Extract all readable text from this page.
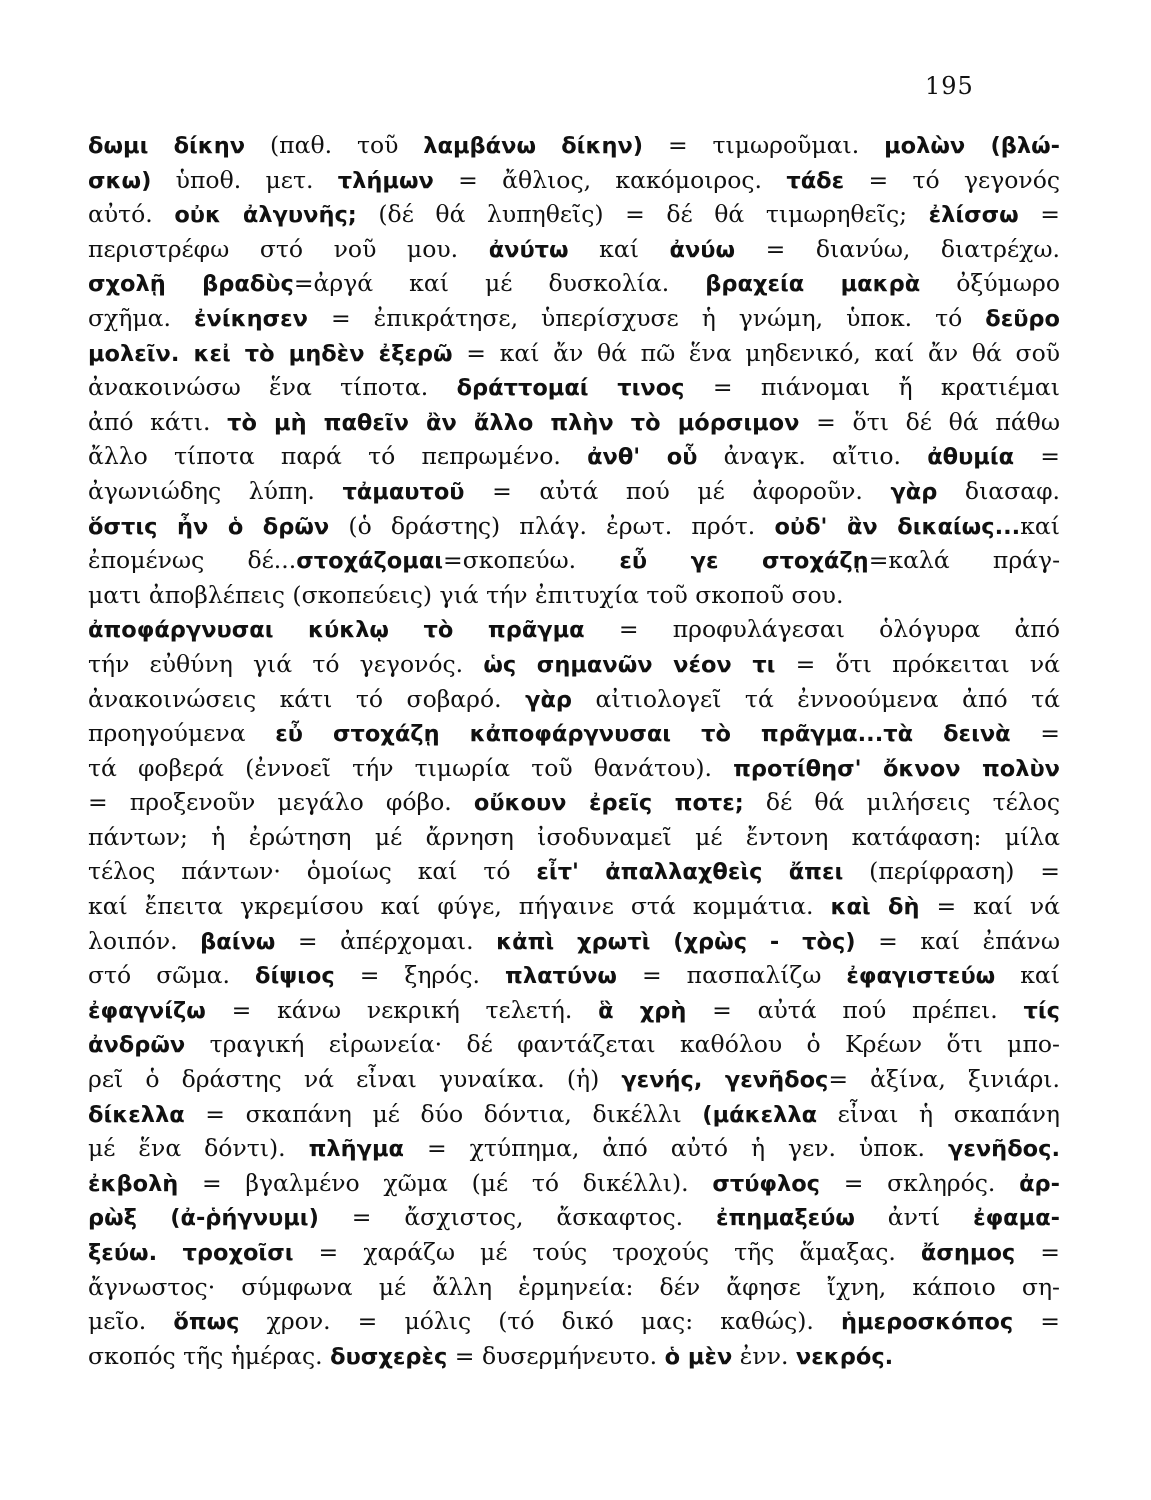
195
δωμι δίκην (παθ. τοῦ λαμβάνω δίκην) = τιμωροῦμαι. μολὼν (βλώ-
σκω) ὑποθ. μετ. τλήμων = ἄθλιος, κακόμοιρος. τάδε = τό γεγονός
αὐτό. οὐκ ἀλγυνῆς; (δέ θά λυπηθεῖς) = δέ θά τιμωρηθεῖς; ἐλίσσω =
περιστρέφω στό νοῦ μου. ἀνύτω καί ἀνύω = διανύω, διατρέχω.
σχολῇ βραδὺς=ἀργά καί μέ δυσκολία. βραχεία μακρὰ ὀξύμωρο
σχῆμα. ἐνίκησεν = ἐπικράτησε, ὑπερίσχυσε ἡ γνώμη, ὑποκ. τό δεῦρο
μολεῖν. κεἰ τὸ μηδὲν ἐξερῶ = καί ἄν θά πῶ ἕνα μηδενικό, καί ἄν θά σοῦ
ἀνακοινώσω ἕνα τίποτα. δράττομαί τινος = πιάνομαι ἤ κρατιέμαι
ἀπό κάτι. τὸ μὴ παθεῖν ἂν ἄλλο πλὴν τὸ μόρσιμον = ὅτι δέ θά πάθω
ἄλλο τίποτα παρά τό πεπρωμένο. ἀνθ' οὗ ἀναγκ. αἴτιο. ἀθυμία =
ἀγωνιώδης λύπη. τἀμαυτοῦ = αὐτά πού μέ ἀφοροῦν. γὰρ διασαφ.
ὅστις ἦν ὁ δρῶν (ὁ δράστης) πλάγ. ἐρωτ. πρότ. οὐδ' ἂν δικαίως...καί
ἐπομένως δέ...στοχάζομαι=σκοπεύω. εὖ γε στοχάζῃ=καλά πράγ-
ματι ἀποβλέπεις (σκοπεύεις) γιά τήν ἐπιτυχία τοῦ σκοποῦ σου.
ἀποφάργνυσαι κύκλῳ τὸ πρᾶγμα = προφυλάγεσαι ὁλόγυρα ἀπό
τήν εὐθύνη γιά τό γεγονός. ὡς σημανῶν νέον τι = ὅτι πρόκειται νά
ἀνακοινώσεις κάτι τό σοβαρό. γὰρ αἰτιολογεῖ τά ἐννοούμενα ἀπό τά
προηγούμενα εὖ στοχάζῃ κἀποφάργνυσαι τὸ πρᾶγμα...τὰ δεινὰ =
τά φοβερά (ἐννοεῖ τήν τιμωρία τοῦ θανάτου). προτίθησ' ὄκνον πολὺν
= προξενοῦν μεγάλο φόβο. οὔκουν ἐρεῖς ποτε; δέ θά μιλήσεις τέλος
πάντων; ἡ ἐρώτηση μέ ἄρνηση ἰσοδυναμεῖ μέ ἔντονη κατάφαση: μίλα
τέλος πάντων· ὁμοίως καί τό εἶτ' ἀπαλλαχθεὶς ἄπει (περίφραση) =
καί ἔπειτα γκρεμίσου καί φύγε, πήγαινε στά κομμάτια. καὶ δὴ = καί νά
λοιπόν. βαίνω = ἀπέρχομαι. κἀπὶ χρωτὶ (χρὼς - τὸς) = καί ἐπάνω
στό σῶμα. δίψιος = ξηρός. πλατύνω = πασπαλίζω ἐφαγιστεύω καί
ἐφαγνίζω = κάνω νεκρική τελετή. ἃ χρὴ = αὐτά πού πρέπει. τίς
ἀνδρῶν τραγική εἰρωνεία· δέ φαντάζεται καθόλου ὁ Κρέων ὅτι μπο-
ρεῖ ὁ δράστης νά εἶναι γυναίκα. (ἡ) γενής, γενῆδος= ἀξίνα, ξινιάρι.
δίκελλα = σκαπάνη μέ δύο δόντια, δικέλλι (μάκελλα εἶναι ἡ σκαπάνη
μέ ἕνα δόντι). πλῆγμα = χτύπημα, ἀπό αὐτό ἡ γεν. ὑποκ. γενῆδος.
ἐκβολὴ = βγαλμένο χῶμα (μέ τό δικέλλι). στύφλος = σκληρός. ἀρ-
ρὼξ (ἀ-ῥήγνυμι) = ἄσχιστος, ἄσκαφτος. ἐπημαξεύω ἀντί ἐφαμα-
ξεύω. τροχοῖσι = χαράζω μέ τούς τροχούς τῆς ἅμαξας. ἄσημος =
ἄγνωστος· σύμφωνα μέ ἄλλη ἑρμηνεία: δέν ἄφησε ἴχνη, κάποιο ση-
μεῖο. ὅπως χρον. = μόλις (τό δικό μας: καθώς). ἡμεροσκόπος =
σκοπός τῆς ἡμέρας. δυσχερὲς = δυσερμήνευτο. ὁ μὲν ἐνν. νεκρός.
